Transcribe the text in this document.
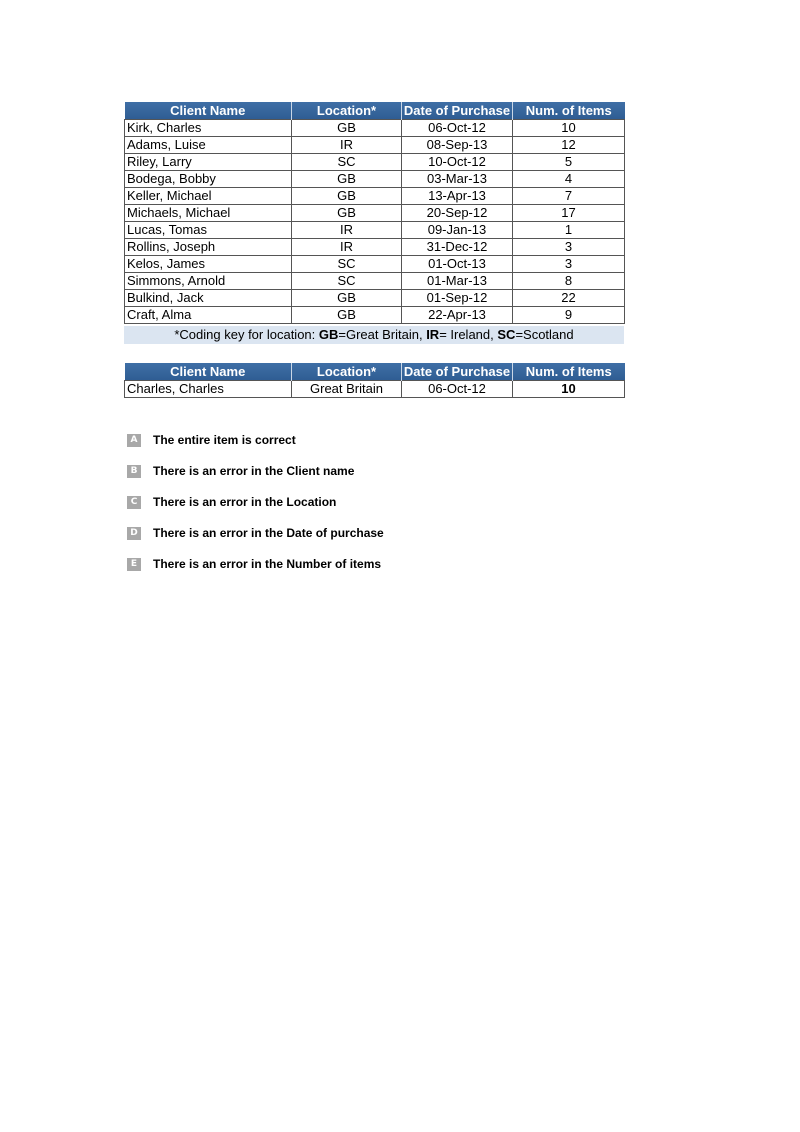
Client Name	Location*	Date of Purchase	Num. of Items
Kirk, Charles	GB	06-Oct-12	10
Adams, Luise	IR	08-Sep-13	12
Riley, Larry	SC	10-Oct-12	5
Bodega, Bobby	GB	03-Mar-13	4
Keller, Michael	GB	13-Apr-13	7
Michaels, Michael	GB	20-Sep-12	17
Lucas, Tomas	IR	09-Jan-13	1
Rollins, Joseph	IR	31-Dec-12	3
Kelos, James	SC	01-Oct-13	3
Simmons, Arnold	SC	01-Mar-13	8
Bulkind, Jack	GB	01-Sep-12	22
Craft, Alma	GB	22-Apr-13	9
*Coding key for location: GB=Great Britain, IR= Ireland, SC=Scotland
Client Name	Location*	Date of Purchase	Num. of Items
Charles, Charles	Great Britain	06-Oct-12	10
A The entire item is correct
B There is an error in the Client name
C	There is an error in the Location
D There is an error in the Date of purchase
E	There is an error in the Number of items
